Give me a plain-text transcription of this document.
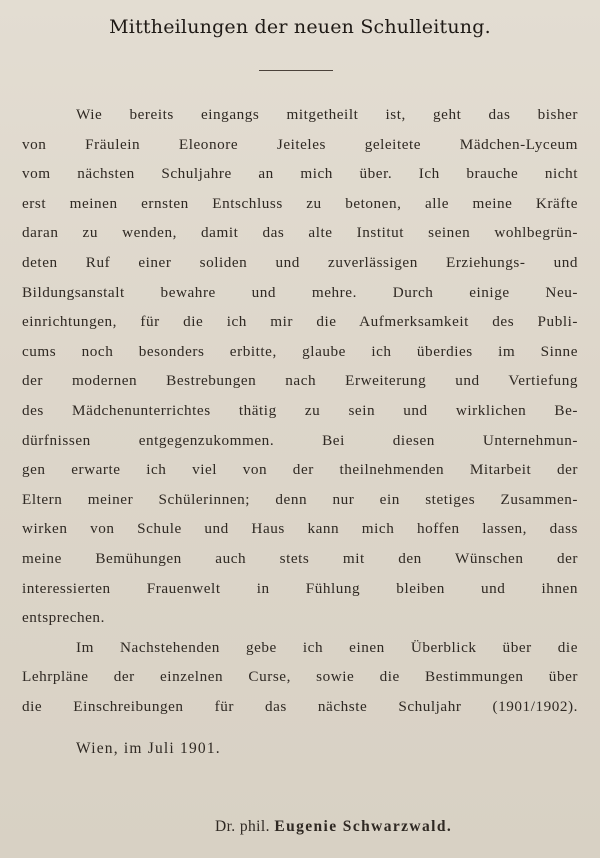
Mittheilungen der neuen Schulleitung.
Wie bereits eingangs mitgetheilt ist, geht das bisher
von Fräulein Eleonore Jeiteles geleitete Mädchen-Lyceum
vom nächsten Schuljahre an mich über. Ich brauche nicht
erst meinen ernsten Entschluss zu betonen, alle meine Kräfte
daran zu wenden, damit das alte Institut seinen wohlbegrün-
deten Ruf einer soliden und zuverlässigen Erziehungs- und
Bildungsanstalt bewahre und mehre. Durch einige Neu-
einrichtungen, für die ich mir die Aufmerksamkeit des Publi-
cums noch besonders erbitte, glaube ich überdies im Sinne
der modernen Bestrebungen nach Erweiterung und Vertiefung
des Mädchenunterrichtes thätig zu sein und wirklichen Be-
dürfnissen entgegenzukommen. Bei diesen Unternehmun-
gen erwarte ich viel von der theilnehmenden Mitarbeit der
Eltern meiner Schülerinnen; denn nur ein stetiges Zusammen-
wirken von Schule und Haus kann mich hoffen lassen, dass
meine Bemühungen auch stets mit den Wünschen der
interessierten Frauenwelt in Fühlung bleiben und ihnen
entsprechen.
Im Nachstehenden gebe ich einen Überblick über die
Lehrpläne der einzelnen Curse, sowie die Bestimmungen über
die Einschreibungen für das nächste Schuljahr (1901/1902).
Wien, im Juli 1901.
Dr. phil. Eugenie Schwarzwald.
